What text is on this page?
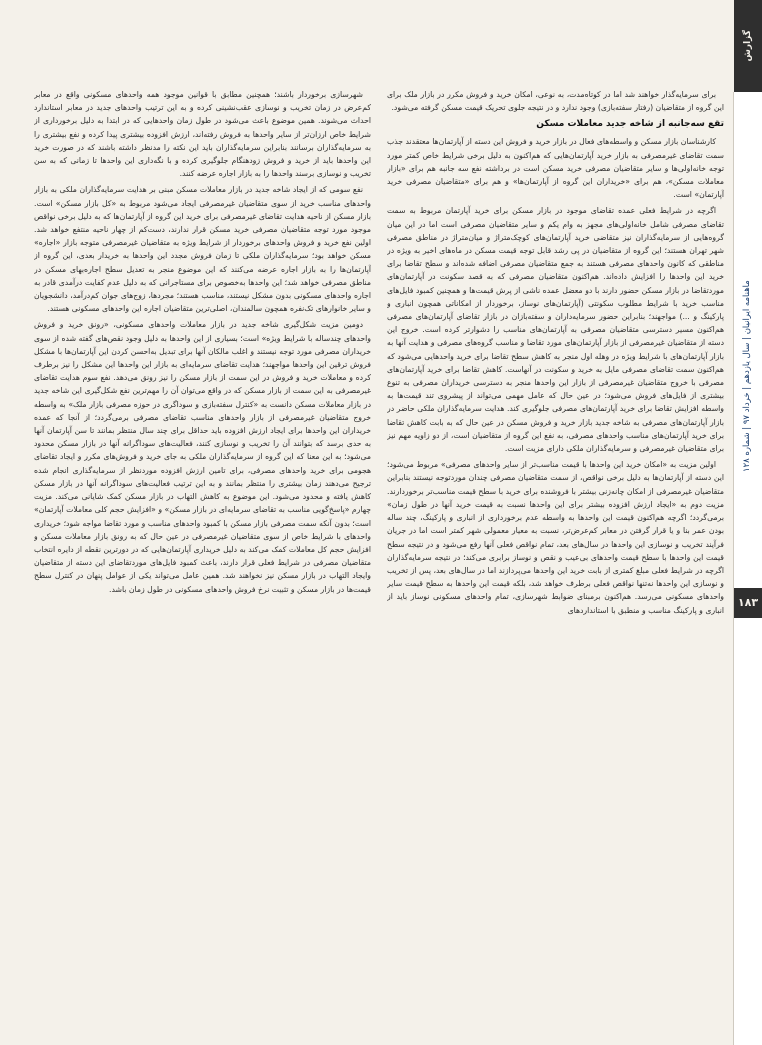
گزارش
ماهنامه ایرانیان | سال یازدهم | خرداد ۹۷ | شماره ۱۲۸
۱۸۳

برای سرمایه‌گذار خواهند شد اما در کوتاه‌مدت، به نوعی، امکان خرید و فروش مکرر در بازار ملک برای این گروه از متقاضیان (رفتار سفته‌بازی) وجود ندارد و در نتیجه جلوی تحریک قیمت مسکن گرفته می‌شود.

تقع سه‌جانبه از شاخه جدید معاملات مسکن

کارشناسان بازار مسکن و واسطه‌های فعال در بازار خرید و فروش این دسته از آپارتمان‌ها معتقدند جذب سمت تقاضای غیرمصرفی به بازار خرید آپارتمان‌هایی که هم‌اکنون به دلیل برخی شرایط خاص کمتر مورد توجه خانه‌اولی‌ها و سایر متقاضیان مصرفی خرید مسکن است در برداشته نفع سه جانبه هم برای «بازار معاملات مسکن»، هم برای «خریداران این گروه از آپارتمان‌ها» و هم برای «متقاضیان مصرفی خرید آپارتمان» است.

اگرچه در شرایط فعلی عمده تقاضای موجود در بازار مسکن برای خرید آپارتمان مربوط به سمت تقاضای مصرفی شامل خانه‌اولی‌های مجهز به وام یکم و سایر متقاضیان مصرفی است اما در این میان گروه‌هایی از سرمایه‌گذاران نیز متقاضی خرید آپارتمان‌های کوچک‌متراژ و میان‌متراژ در مناطق مصرفی شهر تهران هستند؛ این گروه از متقاضیان در پی رشد قابل توجه قیمت مسکن در ماه‌های اخیر به ویژه در مناطقی که کانون واحدهای مصرفی هستند به جمع متقاضیان مصرفی اضافه شده‌اند و سطح تقاضا برای خرید این واحدها را افزایش داده‌اند. هم‌اکنون متقاضیان مصرفی که به قصد سکونت در آپارتمان‌های موردتقاضا در بازار مسکن حضور دارند با دو معضل عمده ناشی از پرش قیمت‌ها و همچنین کمبود فایل‌های مناسب خرید با شرایط مطلوب سکونتی (آپارتمان‌های نوساز، برخوردار از امکاناتی همچون انباری و پارکینگ و ...) مواجهند؛ بنابراین حضور سرمایه‌داران و سفته‌بازان در بازار تقاضای آپارتمان‌های مصرفی هم‌اکنون مسیر دسترسی متقاضیان مصرفی به آپارتمان‌های مناسب را دشوارتر کرده است. خروج این دسته از متقاضیان غیرمصرفی از بازار آپارتمان‌های مورد تقاضا و مناسب گروه‌های مصرفی و هدایت آنها به بازار آپارتمان‌های با شرایط ویژه در وهله اول منجر به کاهش سطح تقاضا برای خرید واحدهایی می‌شود که هم‌اکنون سمت تقاضای مصرفی مایل به خرید و سکونت در آنهاست. کاهش تقاضا برای خرید آپارتمان‌های مصرفی با خروج متقاضیان غیرمصرفی از بازار این واحدها منجر به دسترسی خریداران مصرفی به تنوع بیشتری از فایل‌های فروش می‌شود؛ در عین حال که عامل مهمی می‌تواند از پیشروی تند قیمت‌ها به واسطه افزایش تقاضا برای خرید آپارتمان‌های مصرفی جلوگیری کند. هدایت سرمایه‌گذاران ملکی حاضر در بازار آپارتمان‌های مصرفی به شاخه جدید بازار خرید و فروش مسکن در عین حال که به بابت کاهش تقاضا برای خرید آپارتمان‌های مناسب واحدهای مصرفی، به نفع این گروه از متقاضیان است، از دو زاویه مهم نیز برای متقاضیان غیرمصرفی و سرمایه‌گذاران ملکی دارای مزیت است.

اولین مزیت به «امکان خرید این واحدها با قیمت مناسب‌تر از سایر واحدهای مصرفی» مربوط می‌شود؛ این دسته از آپارتمان‌ها به دلیل برخی نواقص، از سمت متقاضیان مصرفی چندان موردتوجه نیستند بنابراین متقاضیان غیرمصرفی از امکان چانه‌زنی بیشتر با فروشنده برای خرید با سطح قیمت مناسب‌تر برخوردارند. مزیت دوم به «ایجاد ارزش افزوده بیشتر برای این واحدها نسبت به قیمت خرید آنها در طول زمان» برمی‌گردد؛ اگرچه هم‌اکنون قیمت این واحدها به واسطه عدم برخورداری از انباری و پارکینگ، چند ساله بودن عمر بنا و یا قرار گرفتن در معابر کم‌عرض‌تر، نسبت به معیار معمولی شهر کمتر است اما در جریان فرآیند تخریب و نوسازی این واحدها در سال‌های بعد، تمام نواقص فعلی آنها رفع می‌شود و در نتیجه سطح قیمت این واحدها با سطح قیمت واحدهای بی‌عیب و نقص و نوساز برابری می‌کند؛ در نتیجه سرمایه‌گذاران اگرچه در شرایط فعلی مبلغ کمتری از بابت خرید این واحدها می‌پردازند اما در سال‌های بعد، پس از تخریب و نوسازی این واحدها نه‌تنها نواقص فعلی برطرف خواهد شد، بلکه قیمت این واحدها به سطح قیمت سایر واحدهای مسکونی می‌رسد. هم‌اکنون برمبنای ضوابط شهرسازی، تمام واحدهای مسکونی نوساز باید از انباری و پارکینگ مناسب و منطبق با استانداردهای

شهرسازی برخوردار باشند؛ همچنین مطابق با قوانین موجود همه واحدهای مسکونی واقع در معابر کم‌عرض در زمان تخریب و نوسازی عقب‌نشینی کرده و به این ترتیب واحدهای جدید در معابر استاندارد احداث می‌شوند. همین موضوع باعث می‌شود در طول زمان واحدهایی که در ابتدا به دلیل برخورداری از شرایط خاص ارزان‌تر از سایر واحدها به فروش رفته‌اند، ارزش افزوده بیشتری پیدا کرده و نفع بیشتری را به سرمایه‌گذاران برسانند بنابراین سرمایه‌گذاران باید این نکته را مدنظر داشته باشند که در صورت خرید این واحدها باید از خرید و فروش زودهنگام جلوگیری کرده و با نگه‌داری این واحدها تا زمانی که به سن تخریب و نوسازی برسند واحدها را به بازار اجاره عرضه کنند.

نفع سومی که از ایجاد شاخه جدید در بازار معاملات مسکن مبنی بر هدایت سرمایه‌گذاران ملکی به بازار واحدهای مناسب خرید از سوی متقاضیان غیرمصرفی ایجاد می‌شود مربوط به «کل بازار مسکن» است. بازار مسکن از ناحیه هدایت تقاضای غیرمصرفی برای خرید این گروه از آپارتمان‌ها که به دلیل برخی نواقص موجود مورد توجه متقاضیان مصرفی خرید مسکن قرار ندارند، دست‌کم از چهار ناحیه منتفع خواهد شد. اولین نفع خرید و فروش واحدهای برخوردار از شرایط ویژه به متقاضیان غیرمصرفی متوجه بازار «اجاره» مسکن خواهد بود؛ سرمایه‌گذاران ملکی تا زمان فروش مجدد این واحدها به خریدار بعدی، این گروه از آپارتمان‌ها را به بازار اجاره عرضه می‌کنند که این موضوع منجر به تعدیل سطح اجاره‌بهای مسکن در مناطق مصرفی خواهد شد؛ این واحدها به‌خصوص برای مستاجرانی که به دلیل عدم کفایت درآمدی قادر به اجاره واحدهای مسکونی بدون مشکل نیستند، مناسب هستند؛ مجردها، زوج‌های جوان کم‌درآمد، دانشجویان و سایر خانوارهای تک‌نفره همچون سالمندان، اصلی‌ترین متقاضیان اجاره این واحدهای مسکونی هستند.

دومین مزیت شکل‌گیری شاخه جدید در بازار معاملات واحدهای مسکونی، «رونق خرید و فروش واحدهای چندساله با شرایط ویژه» است؛ بسیاری از این واحدها به دلیل وجود نقص‌های گفته شده از سوی خریداران مصرفی مورد توجه نیستند و اغلب مالکان آنها برای تبدیل به‌احسن کردن این آپارتمان‌ها با مشکل فروش ترقین این واحدها مواجهند؛ هدایت تقاضای سرمایه‌ای به بازار این واحدها این مشکل را نیز برطرف کرده و معاملات خرید و فروش در این سمت از بازار مسکن را نیز رونق می‌دهد. نفع سوم هدایت تقاضای غیرمصرفی به این سمت از بازار مسکن که در واقع می‌توان آن را مهم‌ترین نفع شکل‌گیری این شاخه جدید در بازار معاملات مسکن دانست به «کنترل سفته‌بازی و سوداگری در حوزه مصرفی بازار ملک» به واسطه خروج متقاضیان غیرمصرفی از بازار واحدهای مناسب تقاضای مصرفی برمی‌گردد؛ از آنجا که عمده خریداران این واحدها برای ایجاد ارزش افزوده باید حداقل برای چند سال منتظر بمانند تا سن آپارتمان آنها به حدی برسد که بتوانند آن را تخریب و نوسازی کنند، فعالیت‌های سوداگرانه آنها در بازار مسکن محدود می‌شود؛ به این معنا که این گروه از سرمایه‌گذاران ملکی به جای خرید و فروش‌های مکرر و ایجاد تقاضای هجومی برای خرید واحدهای مصرفی، برای تامین ارزش افزوده موردنظر از سرمایه‌گذاری انجام شده ترجیح می‌دهند زمان بیشتری را منتظر بمانند و به این ترتیب فعالیت‌های سوداگرانه آنها در بازار مسکن کاهش یافته و محدود می‌شود. این موضوع به کاهش التهاب در بازار مسکن کمک شایانی می‌کند. مزیت چهارم «پاسخ‌گویی مناسب به تقاضای سرمایه‌ای در بازار مسکن» و «افزایش حجم کلی معاملات آپارتمان» است؛ بدون آنکه سمت مصرفی بازار مسکن با کمبود واحدهای مناسب و مورد تقاضا مواجه شود؛ خریداری واحدهای با شرایط خاص از سوی متقاضیان غیرمصرفی در عین حال که به رونق بازار معاملات مسکن و افزایش حجم کل معاملات کمک می‌کند به دلیل خریداری آپارتمان‌هایی که در دورترین نقطه از دایره انتخاب متقاضیان مصرفی در شرایط فعلی قرار دارند، باعث کمبود فایل‌های موردتقاضای این دسته از متقاضیان وایجاد التهاب در بازار مسکن نیز نخواهند شد. همین عامل می‌تواند یکی از عوامل پنهان در کنترل سطح قیمت‌ها در بازار مسکن و تثبیت نرخ فروش واحدهای مسکونی در طول زمان باشد.
